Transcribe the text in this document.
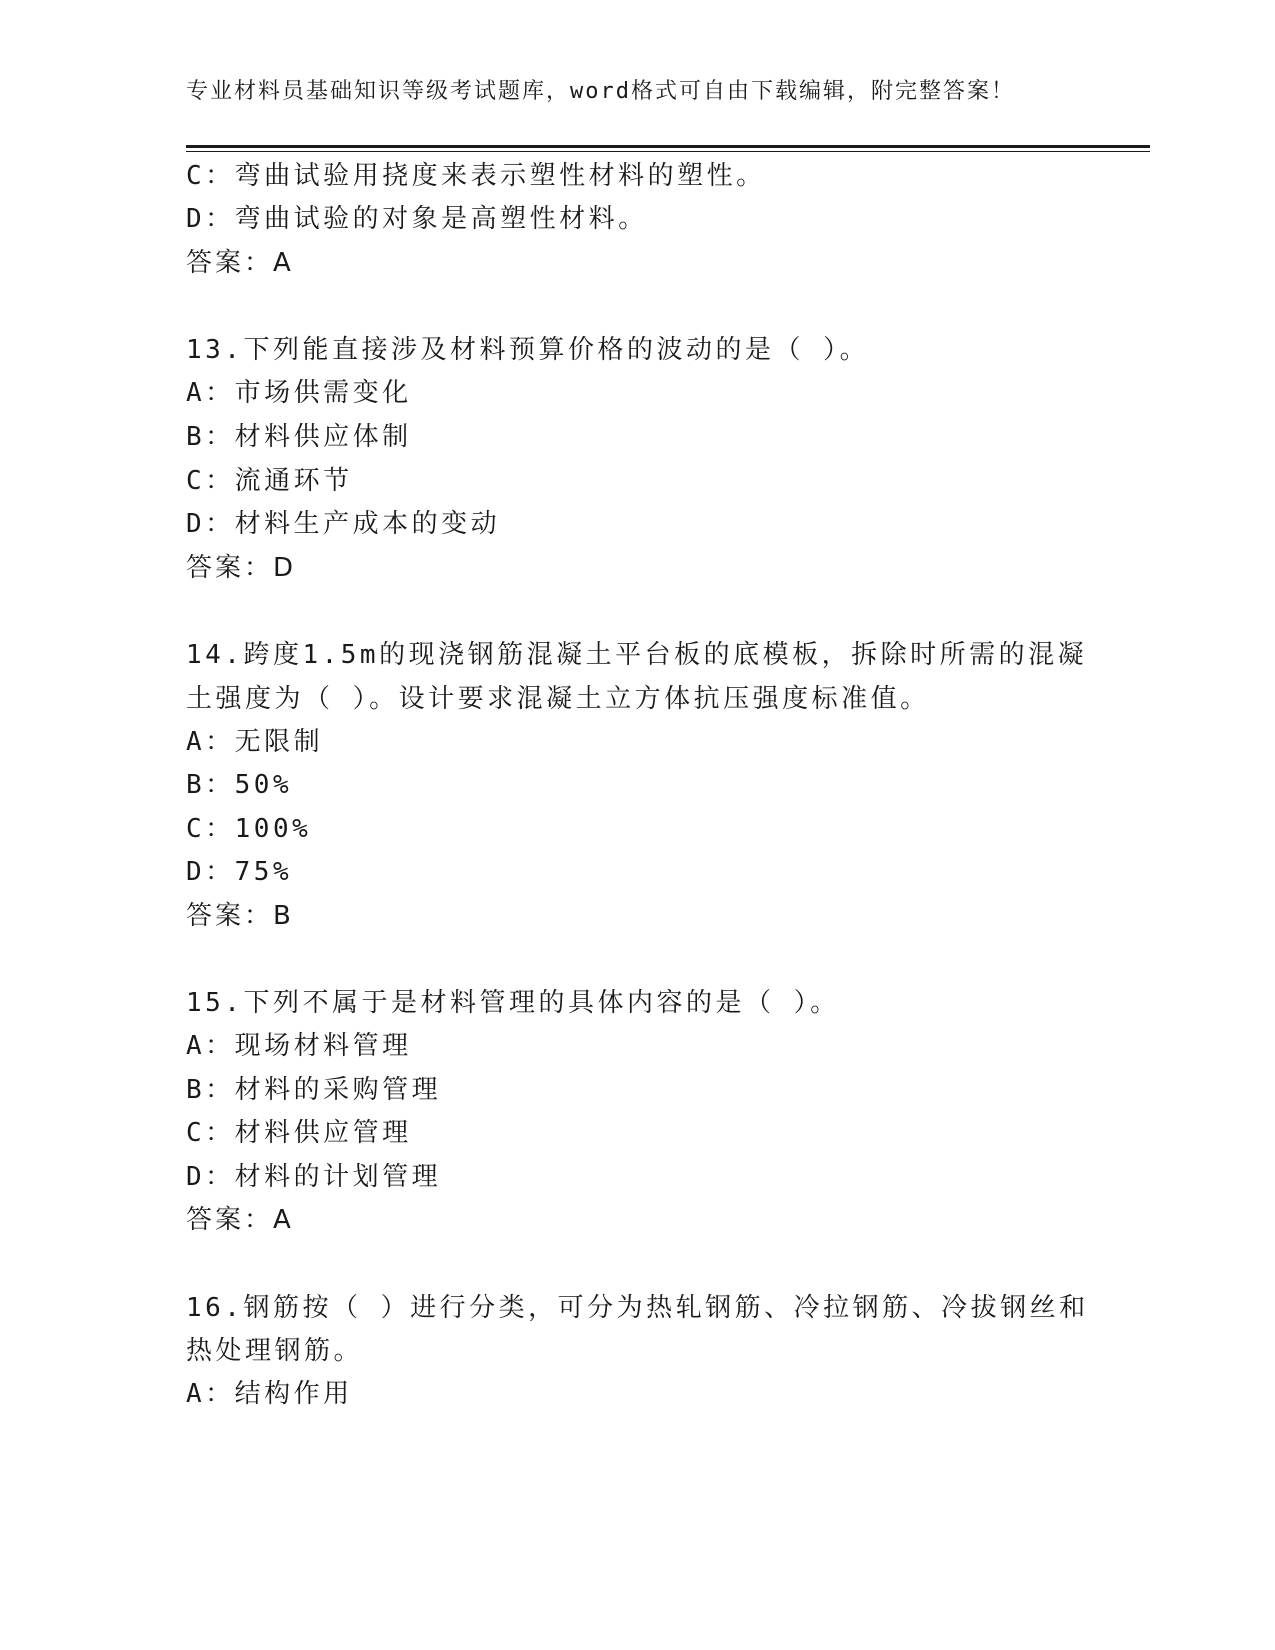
专业材料员基础知识等级考试题库，word格式可自由下载编辑，附完整答案！
C：弯曲试验用挠度来表示塑性材料的塑性。
D：弯曲试验的对象是高塑性材料。
答案：A
13.下列能直接涉及材料预算价格的波动的是（ ）。
A：市场供需变化
B：材料供应体制
C：流通环节
D：材料生产成本的变动
答案：D
14.跨度1.5m的现浇钢筋混凝土平台板的底模板，拆除时所需的混凝
土强度为（ ）。设计要求混凝土立方体抗压强度标准值。
A：无限制
B：50%
C：100%
D：75%
答案：B
15.下列不属于是材料管理的具体内容的是（ ）。
A：现场材料管理
B：材料的采购管理
C：材料供应管理
D：材料的计划管理
答案：A
16.钢筋按（ ）进行分类，可分为热轧钢筋、冷拉钢筋、冷拔钢丝和
热处理钢筋。
A：结构作用
